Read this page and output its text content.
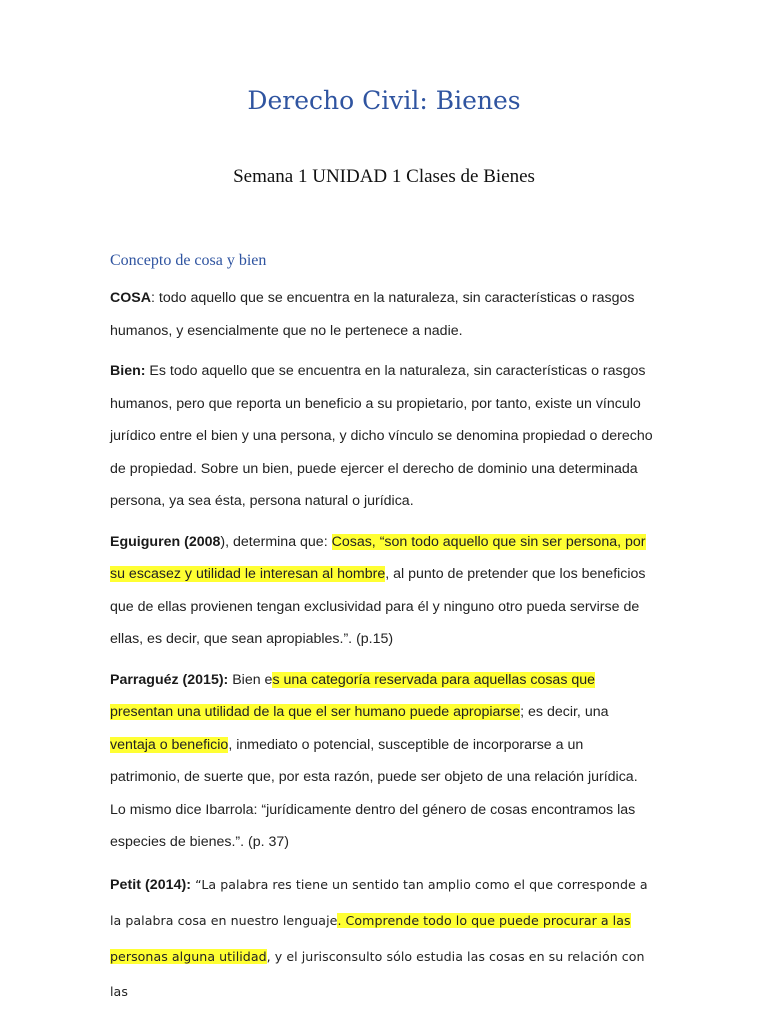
Derecho Civil: Bienes
Semana 1 UNIDAD 1 Clases de Bienes
Concepto de cosa y bien

COSA: todo aquello que se encuentra en la naturaleza, sin características o rasgos humanos, y esencialmente que no le pertenece a nadie.

Bien: Es todo aquello que se encuentra en la naturaleza, sin características o rasgos humanos, pero que reporta un beneficio a su propietario, por tanto, existe un vínculo jurídico entre el bien y una persona, y dicho vínculo se denomina propiedad o derecho de propiedad. Sobre un bien, puede ejercer el derecho de dominio una determinada persona, ya sea ésta, persona natural o jurídica.

Eguiguren (2008), determina que: Cosas, “son todo aquello que sin ser persona, por su escasez y utilidad le interesan al hombre, al punto de pretender que los beneficios que de ellas provienen tengan exclusividad para él y ninguno otro pueda servirse de ellas, es decir, que sean apropiables.”. (p.15)

Parraguéz (2015): Bien es una categoría reservada para aquellas cosas que presentan una utilidad de la que el ser humano puede apropiarse; es decir, una ventaja o beneficio, inmediato o potencial, susceptible de incorporarse a un patrimonio, de suerte que, por esta razón, puede ser objeto de una relación jurídica. Lo mismo dice Ibarrola: “jurídicamente dentro del género de cosas encontramos las especies de bienes.”. (p. 37)

Petit (2014): “La palabra res tiene un sentido tan amplio como el que corresponde a la palabra cosa en nuestro lenguaje. Comprende todo lo que puede procurar a las personas alguna utilidad, y el jurisconsulto sólo estudia las cosas en su relación con las
